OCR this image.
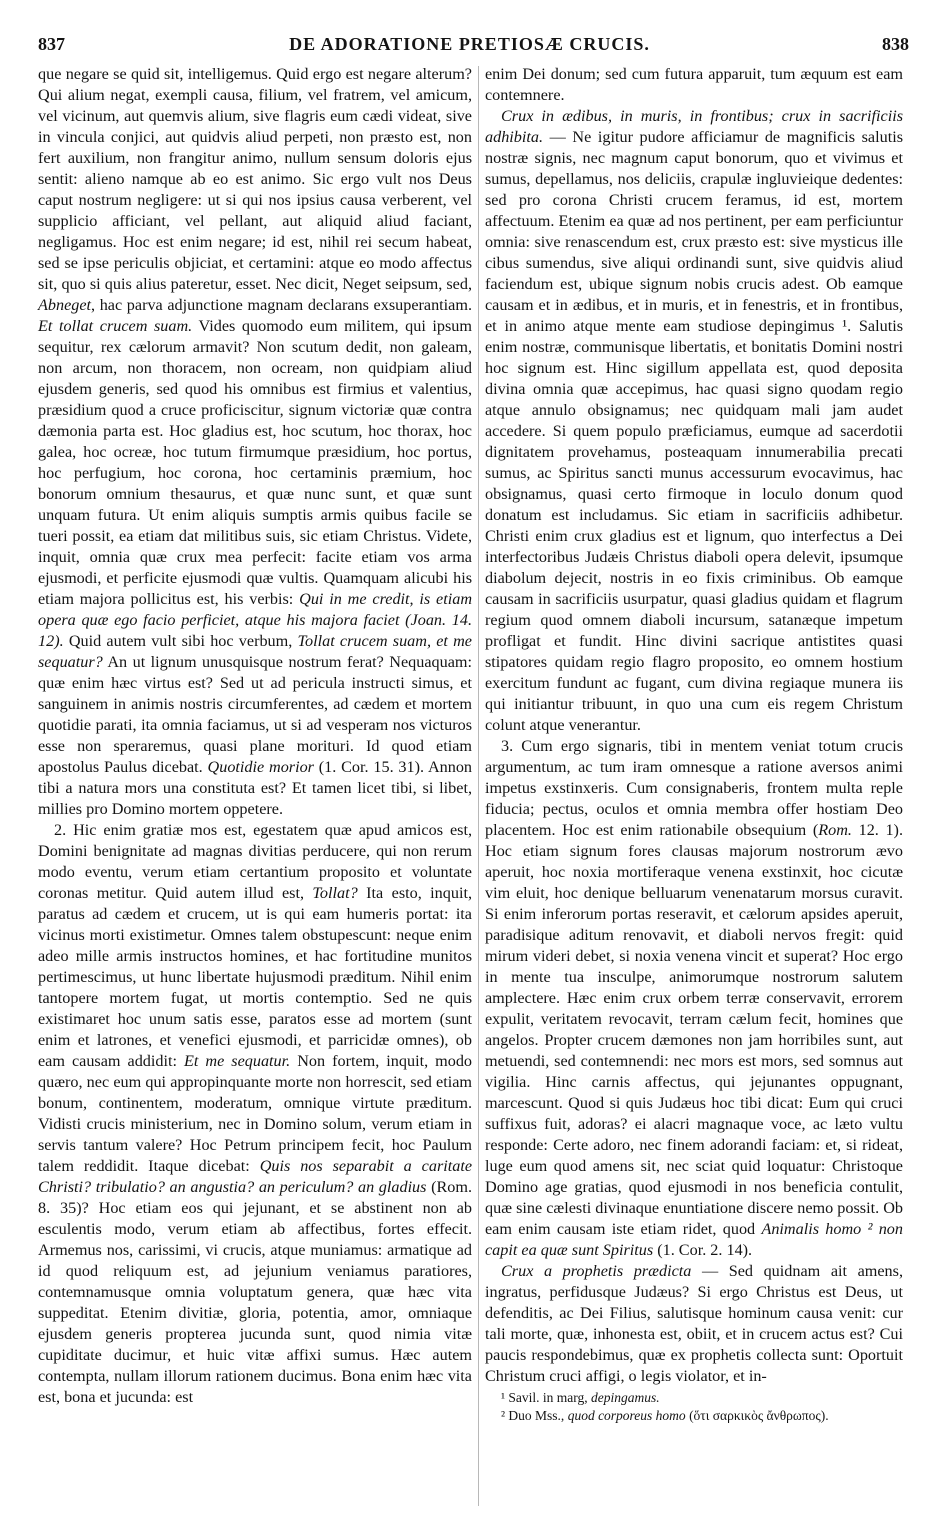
DE ADORATIONE PRETIOSÆ CRUCIS.
837	838

que negare se quid sit, intelligemus. Quid ergo est negare alterum? Qui alium negat, exempli causa, filium, vel fratrem, vel amicum, vel vicinum, aut quemvis alium, sive flagris eum cædi videat, sive in vincula conjici, aut quidvis aliud perpeti, non præsto est, non fert auxilium, non frangitur animo, nullum sensum doloris ejus sentit: alieno namque ab eo est animo. Sic ergo vult nos Deus caput nostrum negligere: ut si qui nos ipsius causa verberent, vel supplicio afficiant, vel pellant, aut aliquid aliud faciant, negligamus. Hoc est enim negare; id est, nihil rei secum habeat, sed se ipse periculis objiciat, et certamini: atque eo modo affectus sit, quo si quis alius pateretur, esset. Nec dicit, Neget seipsum, sed, Abneget, hac parva adjunctione magnam declarans exsuperantiam. Et tollat crucem suam. Vides quomodo eum militem, qui ipsum sequitur, rex cælorum armavit? Non scutum dedit, non galeam, non arcum, non thoracem, non ocream, non quidpiam aliud ejusdem generis, sed quod his omnibus est firmius et valentius, præsidium quod a cruce proficiscitur, signum victoriæ quæ contra dæmonia parta est. Hoc gladius est, hoc scutum, hoc thorax, hoc galea, hoc ocreæ, hoc tutum firmumque præsidium, hoc portus, hoc perfugium, hoc corona, hoc certaminis præmium, hoc bonorum omnium thesaurus, et quæ nunc sunt, et quæ sunt unquam futura. Ut enim aliquis sumptis armis quibus facile se tueri possit, ea etiam dat militibus suis, sic etiam Christus. Videte, inquit, omnia quæ crux mea perfecit: facite etiam vos arma ejusmodi, et perficite ejusmodi quæ vultis. Quamquam alicubi his etiam majora pollicitus est, his verbis: Qui in me credit, is etiam opera quæ ego facio perficiet, atque his majora faciet (Joan. 14. 12). Quid autem vult sibi hoc verbum, Tollat crucem suam, et me sequatur? An ut lignum unusquisque nostrum ferat? Nequaquam: quæ enim hæc virtus est? Sed ut ad pericula instructi simus, et sanguinem in animis nostris circumferentes, ad cædem et mortem quotidie parati, ita omnia faciamus, ut si ad vesperam nos victuros esse non speraremus, quasi plane morituri. Id quod etiam apostolus Paulus dicebat. Quotidie morior (1. Cor. 15. 31). Annon tibi a natura mors una constituta est? Et tamen licet tibi, si libet, millies pro Domino mortem oppetere.

2. Hic enim gratiæ mos est, egestatem quæ apud amicos est, Domini benignitate ad magnas divitias perducere, qui non rerum modo eventu, verum etiam certantium proposito et voluntate coronas metitur. Quid autem illud est, Tollat? Ita esto, inquit, paratus ad cædem et crucem, ut is qui eam humeris portat: ita vicinus morti existimetur. Omnes talem obstupescunt: neque enim adeo mille armis instructos homines, et hac fortitudine munitos pertimescimus, ut hunc libertate hujusmodi præditum. Nihil enim tantopere mortem fugat, ut mortis contemptio. Sed ne quis existimaret hoc unum satis esse, paratos esse ad mortem (sunt enim et latrones, et venefici ejusmodi, et parricidæ omnes), ob eam causam addidit: Et me sequatur. Non fortem, inquit, modo quæro, nec eum qui appropinquante morte non horrescit, sed etiam bonum, continentem, moderatum, omnique virtute præditum. Vidisti crucis ministerium, nec in Domino solum, verum etiam in servis tantum valere? Hoc Petrum principem fecit, hoc Paulum talem reddidit. Itaque dicebat: Quis nos separabit a caritate Christi? tribulatio? an angustia? an periculum? an gladius (Rom. 8. 35)? Hoc etiam eos qui jejunant, et se abstinent non ab esculentis modo, verum etiam ab affectibus, fortes effecit. Armemus nos, carissimi, vi crucis, atque muniamus: armatique ad id quod reliquum est, ad jejunium veniamus paratiores, contemnamusque omnia voluptatum genera, quæ hæc vita suppeditat. Etenim divitiæ, gloria, potentia, amor, omniaque ejusdem generis propterea jucunda sunt, quod nimia vitæ cupiditate ducimur, et huic vitæ affixi sumus. Hæc autem contempta, nullam illorum rationem ducimus. Bona enim hæc vita est, bona et jucunda: est

enim Dei donum; sed cum futura apparuit, tum æquum est eam contemnere.

Crux in ædibus, in muris, in frontibus; crux in sacrificiis adhibita. — Ne igitur pudore afficiamur de magnificis salutis nostræ signis, nec magnum caput bonorum, quo et vivimus et sumus, depellamus, nos deliciis, crapulæ ingluvieique dedentes: sed pro corona Christi crucem feramus, id est, mortem affectuum. Etenim ea quæ ad nos pertinent, per eam perficiuntur omnia: sive renascendum est, crux præsto est: sive mysticus ille cibus sumendus, sive aliqui ordinandi sunt, sive quidvis aliud faciendum est, ubique signum nobis crucis adest. Ob eamque causam et in ædibus, et in muris, et in fenestris, et in frontibus, et in animo atque mente eam studiose depingimus ¹. Salutis enim nostræ, communisque libertatis, et bonitatis Domini nostri hoc signum est. Hinc sigillum appellata est, quod deposita divina omnia quæ accepimus, hac quasi signo quodam regio atque annulo obsignamus; nec quidquam mali jam audet accedere. Si quem populo præficiamus, eumque ad sacerdotii dignitatem provehamus, posteaquam innumerabilia precati sumus, ac Spiritus sancti munus accessurum evocavimus, hac obsignamus, quasi certo firmoque in loculo donum quod donatum est includamus. Sic etiam in sacrificiis adhibetur. Christi enim crux gladius est et lignum, quo interfectus a Dei interfectoribus Judæis Christus diaboli opera delevit, ipsumque diabolum dejecit, nostris in eo fixis criminibus. Ob eamque causam in sacrificiis usurpatur, quasi gladius quidam et flagrum regium quod omnem diaboli incursum, satanæque impetum profligat et fundit. Hinc divini sacrique antistites quasi stipatores quidam regio flagro proposito, eo omnem hostium exercitum fundunt ac fugant, cum divina regiaque munera iis qui initiantur tribuunt, in quo una cum eis regem Christum colunt atque venerantur.

3. Cum ergo signaris, tibi in mentem veniat totum crucis argumentum, ac tum iram omnesque a ratione aversos animi impetus exstinxeris. Cum consignaberis, frontem multa reple fiducia; pectus, oculos et omnia membra offer hostiam Deo placentem. Hoc est enim rationabile obsequium (Rom. 12. 1). Hoc etiam signum fores clausas majorum nostrorum ævo aperuit, hoc noxia mortiferaque venena exstinxit, hoc cicutæ vim eluit, hoc denique belluarum venenatarum morsus curavit. Si enim inferorum portas reseravit, et cælorum apsides aperuit, paradisique aditum renovavit, et diaboli nervos fregit: quid mirum videri debet, si noxia venena vincit et superat? Hoc ergo in mente tua insculpe, animorumque nostrorum salutem amplectere. Hæc enim crux orbem terræ conservavit, errorem expulit, veritatem revocavit, terram cælum fecit, homines que angelos. Propter crucem dæmones non jam horribiles sunt, aut metuendi, sed contemnendi: nec mors est mors, sed somnus aut vigilia. Hinc carnis affectus, qui jejunantes oppugnant, marcescunt. Quod si quis Judæus hoc tibi dicat: Eum qui cruci suffixus fuit, adoras? ei alacri magnaque voce, ac læto vultu responde: Certe adoro, nec finem adorandi faciam: et, si rideat, luge eum quod amens sit, nec sciat quid loquatur: Christoque Domino age gratias, quod ejusmodi in nos beneficia contulit, quæ sine cælesti divinaque enuntiatione discere nemo possit. Ob eam enim causam iste etiam ridet, quod Animalis homo ² non capit ea quæ sunt Spiritus (1. Cor. 2. 14).

Crux a prophetis prædicta — Sed quidnam ait amens, ingratus, perfidusque Judæus? Si ergo Christus est Deus, ut defenditis, ac Dei Filius, salutisque hominum causa venit: cur tali morte, quæ, inhonesta est, obiit, et in crucem actus est? Cui paucis respondebimus, quæ ex prophetis collecta sunt: Oportuit Christum cruci affigi, o legis violator, et in-

¹ Savil. in marg, depingamus.

² Duo Mss., quod corporeus homo (ὅτι σαρκικὸς ἄνθρωπος).
